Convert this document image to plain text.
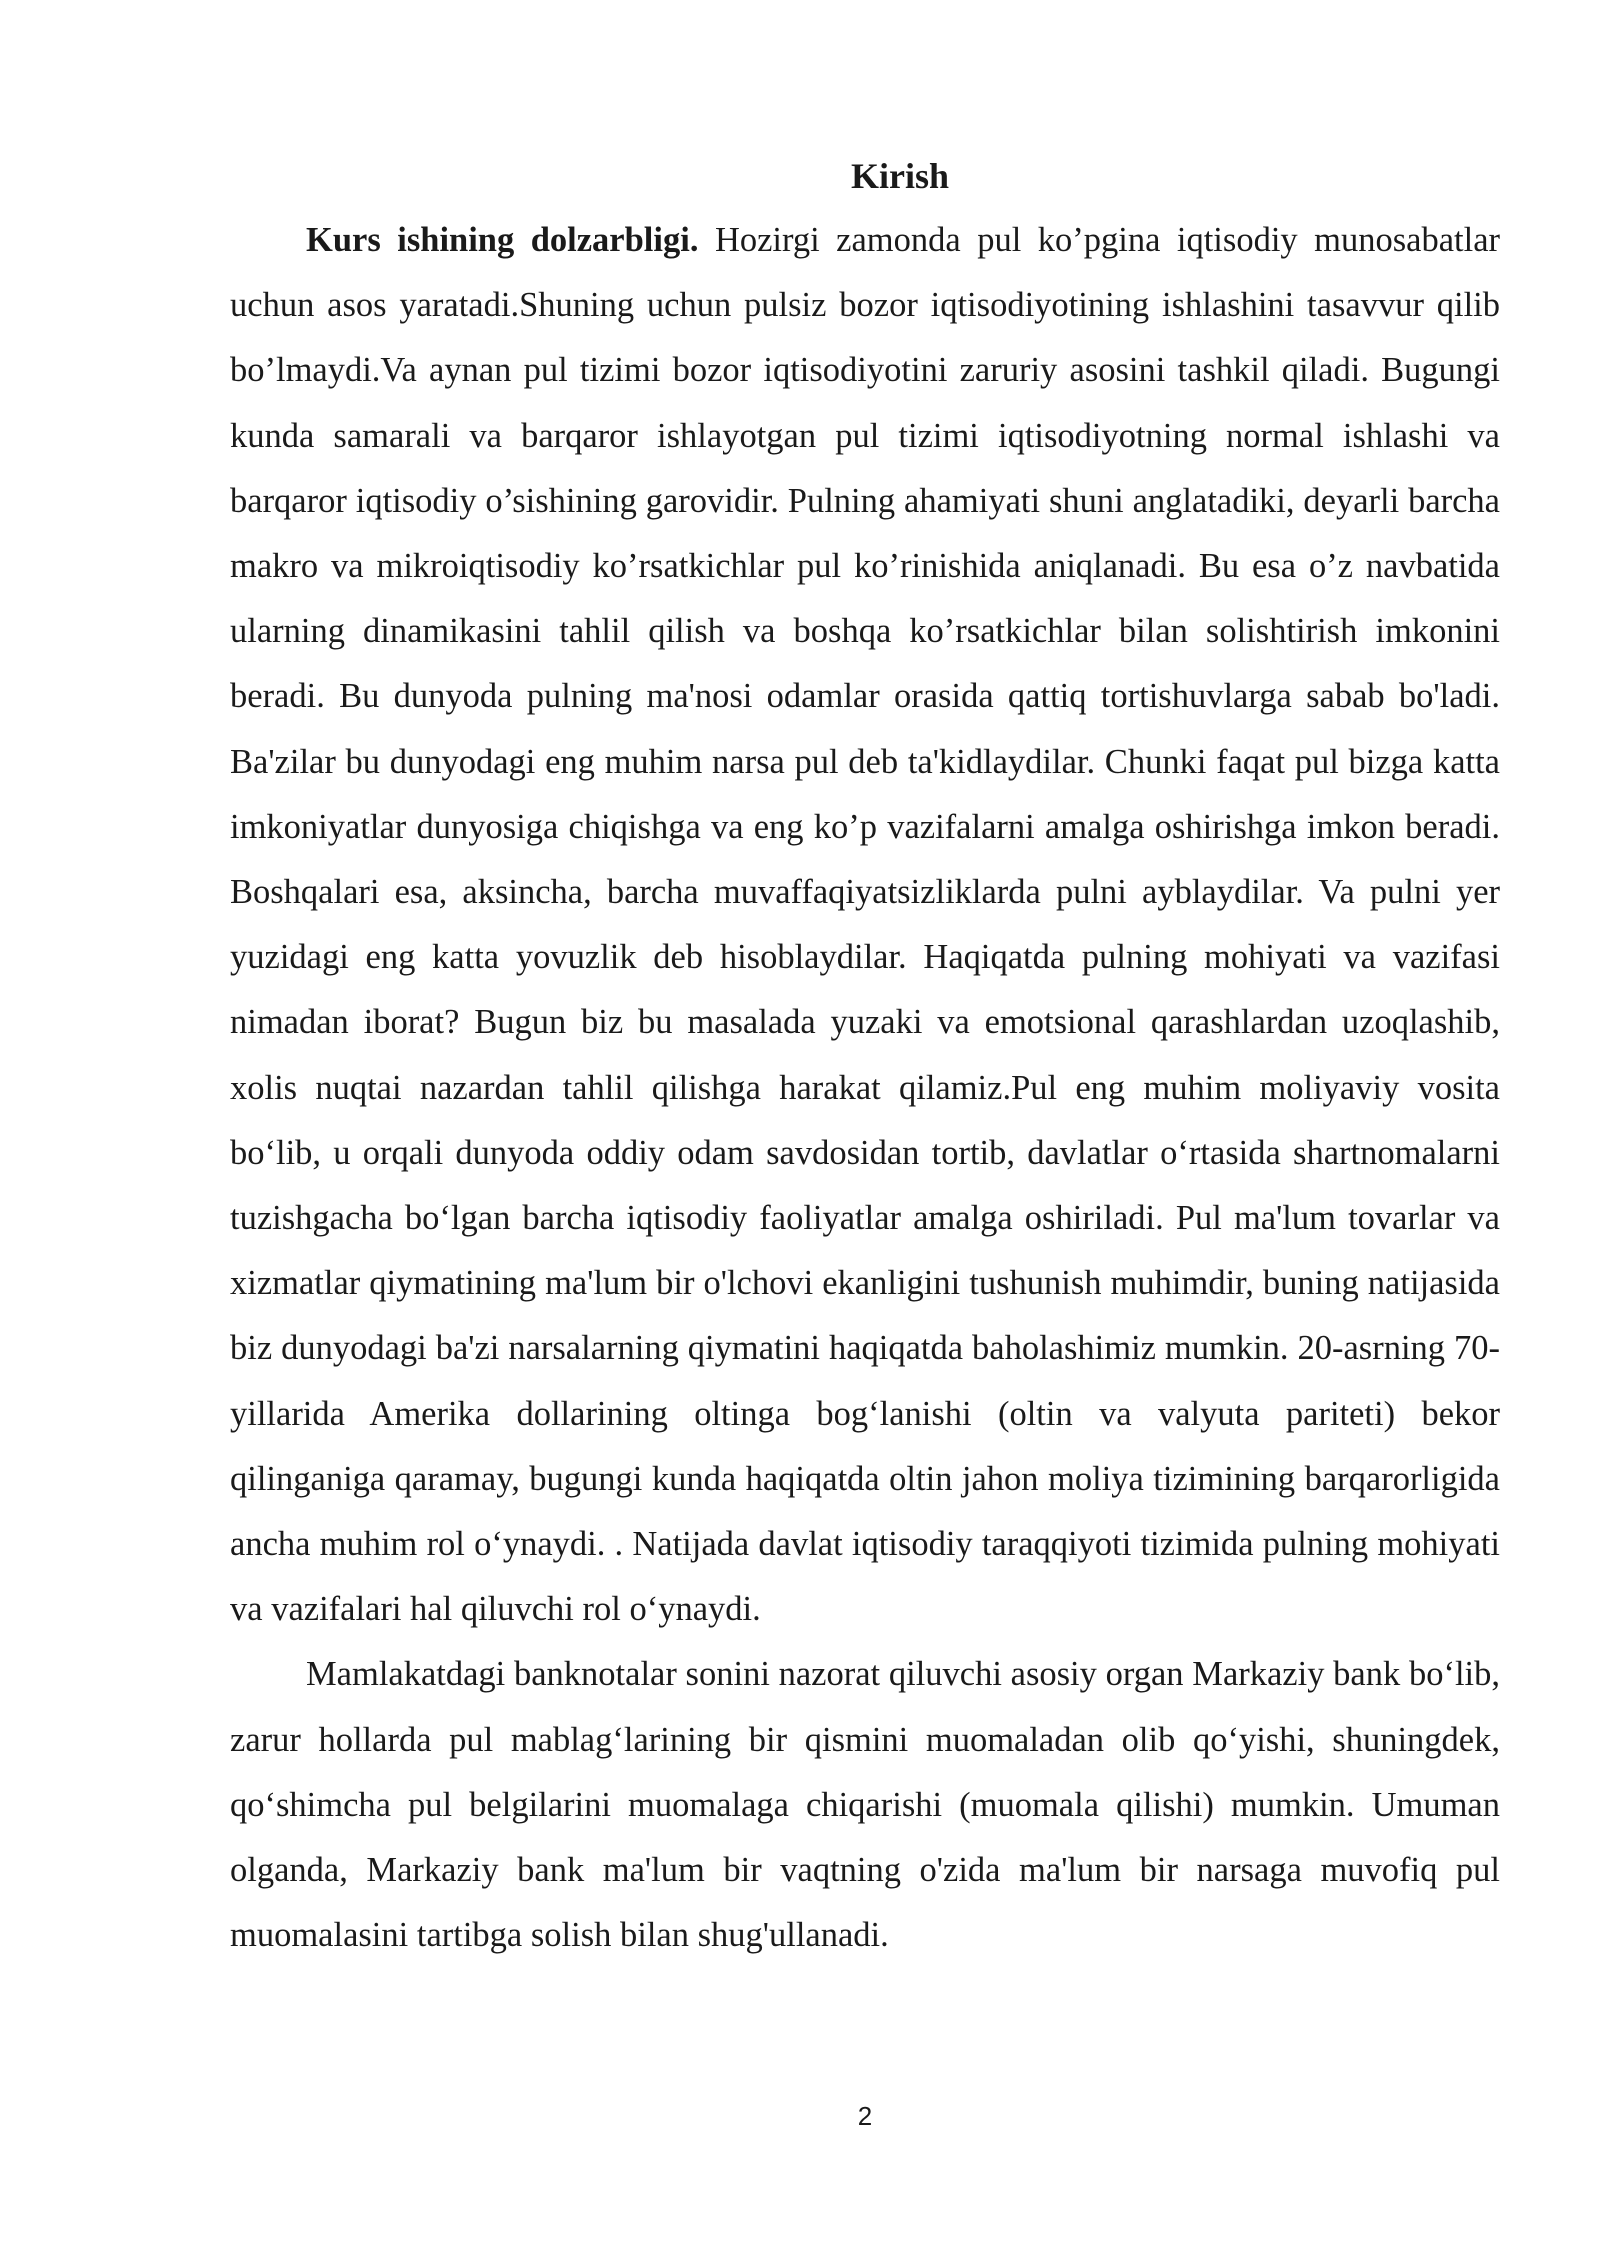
Kirish

Kurs ishining dolzarbligi. Hozirgi zamonda pul ko’pgina iqtisodiy munosabatlar uchun asos yaratadi.Shuning uchun pulsiz bozor iqtisodiyotining ishlashini tasavvur qilib bo’lmaydi.Va aynan pul tizimi bozor iqtisodiyotini zaruriy asosini tashkil qiladi. Bugungi kunda samarali va barqaror ishlayotgan pul tizimi iqtisodiyotning normal ishlashi va barqaror iqtisodiy o’sishining garovidir. Pulning ahamiyati shuni anglatadiki, deyarli barcha makro va mikroiqtisodiy ko’rsatkichlar pul ko’rinishida aniqlanadi. Bu esa o’z navbatida ularning dinamikasini tahlil qilish va boshqa ko’rsatkichlar bilan solishtirish imkonini beradi. Bu dunyoda pulning ma'nosi odamlar orasida qattiq tortishuvlarga sabab bo'ladi. Ba'zilar bu dunyodagi eng muhim narsa pul deb ta'kidlaydilar. Chunki faqat pul bizga katta imkoniyatlar dunyosiga chiqishga va eng ko’p vazifalarni amalga oshirishga imkon beradi. Boshqalari esa, aksincha, barcha muvaffaqiyatsizliklarda pulni ayblaydilar. Va pulni yer yuzidagi eng katta yovuzlik deb hisoblaydilar. Haqiqatda pulning mohiyati va vazifasi nimadan iborat? Bugun biz bu masalada yuzaki va emotsional qarashlardan uzoqlashib, xolis nuqtai nazardan tahlil qilishga harakat qilamiz.Pul eng muhim moliyaviy vosita bo‘lib, u orqali dunyoda oddiy odam savdosidan tortib, davlatlar o‘rtasida shartnomalarni tuzishgacha bo‘lgan barcha iqtisodiy faoliyatlar amalga oshiriladi. Pul ma'lum tovarlar va xizmatlar qiymatining ma'lum bir o'lchovi ekanligini tushunish muhimdir, buning natijasida biz dunyodagi ba'zi narsalarning qiymatini haqiqatda baholashimiz mumkin. 20-asrning 70-yillarida Amerika dollarining oltinga bog‘lanishi (oltin va valyuta pariteti) bekor qilinganiga qaramay, bugungi kunda haqiqatda oltin jahon moliya tizimining barqarorligida ancha muhim rol o‘ynaydi. . Natijada davlat iqtisodiy taraqqiyoti tizimida pulning mohiyati va vazifalari hal qiluvchi rol o‘ynaydi.

Mamlakatdagi banknotalar sonini nazorat qiluvchi asosiy organ Markaziy bank bo‘lib, zarur hollarda pul mablag‘larining bir qismini muomaladan olib qo‘yishi, shuningdek, qo‘shimcha pul belgilarini muomalaga chiqarishi (muomala qilishi) mumkin. Umuman olganda, Markaziy bank ma'lum bir vaqtning o'zida ma'lum bir narsaga muvofiq pul muomalasini tartibga solish bilan shug'ullanadi.

2
